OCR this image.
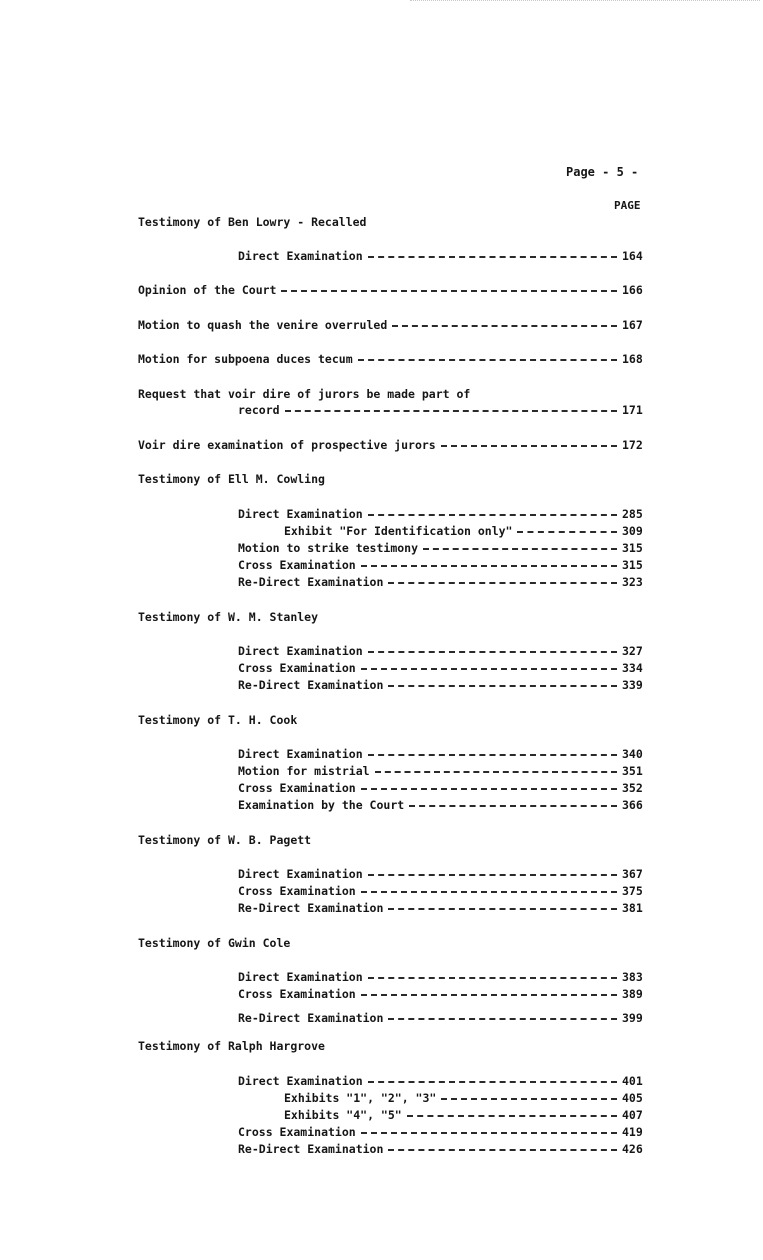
Page - 5 -
PAGE
Testimony of Ben Lowry - Recalled
Direct Examination	164
Opinion of the Court	166
Motion to quash the venire overruled	167
Motion for subpoena duces tecum	168
Request that voir dire of jurors be made part of
record	171
Voir dire examination of prospective jurors	172
Testimony of Ell M. Cowling
Direct Examination	285
Exhibit "For Identification only"	309
Motion to strike testimony	315
Cross Examination	315
Re-Direct Examination	323
Testimony of W. M. Stanley
Direct Examination	327
Cross Examination	334
Re-Direct Examination	339
Testimony of T. H. Cook
Direct Examination	340
Motion for mistrial	351
Cross Examination	352
Examination by the Court	366
Testimony of W. B. Pagett
Direct Examination	367
Cross Examination	375
Re-Direct Examination	381
Testimony of Gwin Cole
Direct Examination	383
Cross Examination	389
Re-Direct Examination	399
Testimony of Ralph Hargrove
Direct Examination	401
Exhibits "1", "2", "3"	405
Exhibits "4", "5"	407
Cross Examination	419
Re-Direct Examination	426
